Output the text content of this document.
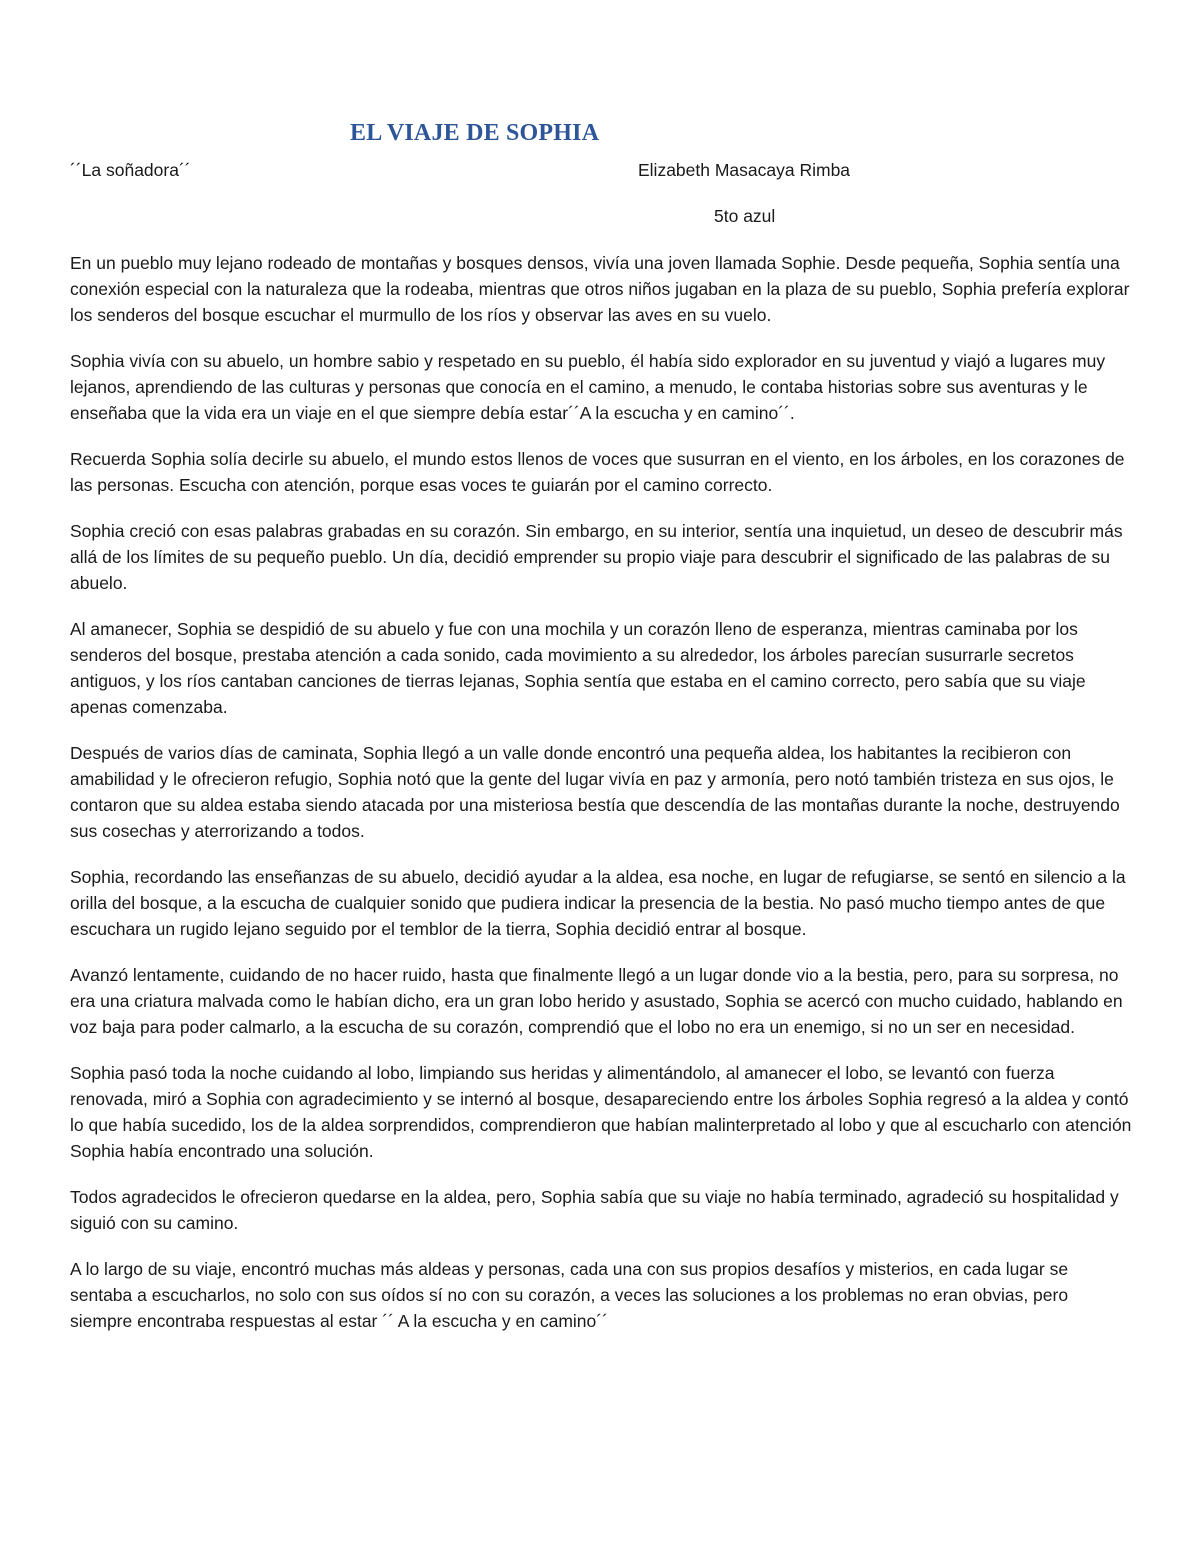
EL VIAJE DE SOPHIA
´´La soñadora´´	Elizabeth Masacaya Rimba
5to azul

En un pueblo muy lejano rodeado de montañas y bosques densos, vivía una joven llamada Sophie. Desde pequeña, Sophia sentía una conexión especial con la naturaleza que la rodeaba, mientras que otros niños jugaban en la plaza de su pueblo, Sophia prefería explorar los senderos del bosque escuchar el murmullo de los ríos y observar las aves en su vuelo.

Sophia vivía con su abuelo, un hombre sabio y respetado en su pueblo, él había sido explorador en su juventud y viajó a lugares muy lejanos, aprendiendo de las culturas y personas que conocía en el camino, a menudo, le contaba historias sobre sus aventuras y le enseñaba que la vida era un viaje en el que siempre debía estar´´A la escucha y en camino´´.

Recuerda Sophia solía decirle su abuelo, el mundo estos llenos de voces que susurran en el viento, en los árboles, en los corazones de las personas. Escucha con atención, porque esas voces te guiarán por el camino correcto.

Sophia creció con esas palabras grabadas en su corazón. Sin embargo, en su interior, sentía una inquietud, un deseo de descubrir más allá de los límites de su pequeño pueblo. Un día, decidió emprender su propio viaje para descubrir el significado de las palabras de su abuelo.

Al amanecer, Sophia se despidió de su abuelo y fue con una mochila y un corazón lleno de esperanza, mientras caminaba por los senderos del bosque, prestaba atención a cada sonido, cada movimiento a su alrededor, los árboles parecían susurrarle secretos antiguos, y los ríos cantaban canciones de tierras lejanas, Sophia sentía que estaba en el camino correcto, pero sabía que su viaje apenas comenzaba.

Después de varios días de caminata, Sophia llegó a un valle donde encontró una pequeña aldea, los habitantes la recibieron con amabilidad y le ofrecieron refugio, Sophia notó que la gente del lugar vivía en paz y armonía, pero notó también tristeza en sus ojos, le contaron que su aldea estaba siendo atacada por una misteriosa bestía que descendía de las montañas durante la noche, destruyendo sus cosechas y aterrorizando a todos.

Sophia, recordando las enseñanzas de su abuelo, decidió ayudar a la aldea, esa noche, en lugar de refugiarse, se sentó en silencio a la orilla del bosque, a la escucha de cualquier sonido que pudiera indicar la presencia de la bestia. No pasó mucho tiempo antes de que escuchara un rugido lejano seguido por el temblor de la tierra, Sophia decidió entrar al bosque.

Avanzó lentamente, cuidando de no hacer ruido, hasta que finalmente llegó a un lugar donde vio a la bestia, pero, para su sorpresa, no era una criatura malvada como le habían dicho, era un gran lobo herido y asustado, Sophia se acercó con mucho cuidado, hablando en voz baja para poder calmarlo, a la escucha de su corazón, comprendió que el lobo no era un enemigo, si no un ser en necesidad.

Sophia pasó toda la noche cuidando al lobo, limpiando sus heridas y alimentándolo, al amanecer el lobo, se levantó con fuerza renovada, miró a Sophia con agradecimiento y se internó al bosque, desapareciendo entre los árboles Sophia regresó a la aldea y contó lo que había sucedido, los de la aldea sorprendidos, comprendieron que habían malinterpretado al lobo y que al escucharlo con atención Sophia había encontrado una solución.

Todos agradecidos le ofrecieron quedarse en la aldea, pero, Sophia sabía que su viaje no había terminado, agradeció su hospitalidad y siguió con su camino.

A lo largo de su viaje, encontró muchas más aldeas y personas, cada una con sus propios desafíos y misterios, en cada lugar se sentaba a escucharlos, no solo con sus oídos sí no con su corazón, a veces las soluciones a los problemas no eran obvias, pero siempre encontraba respuestas al estar ´´ A la escucha y en camino´´
